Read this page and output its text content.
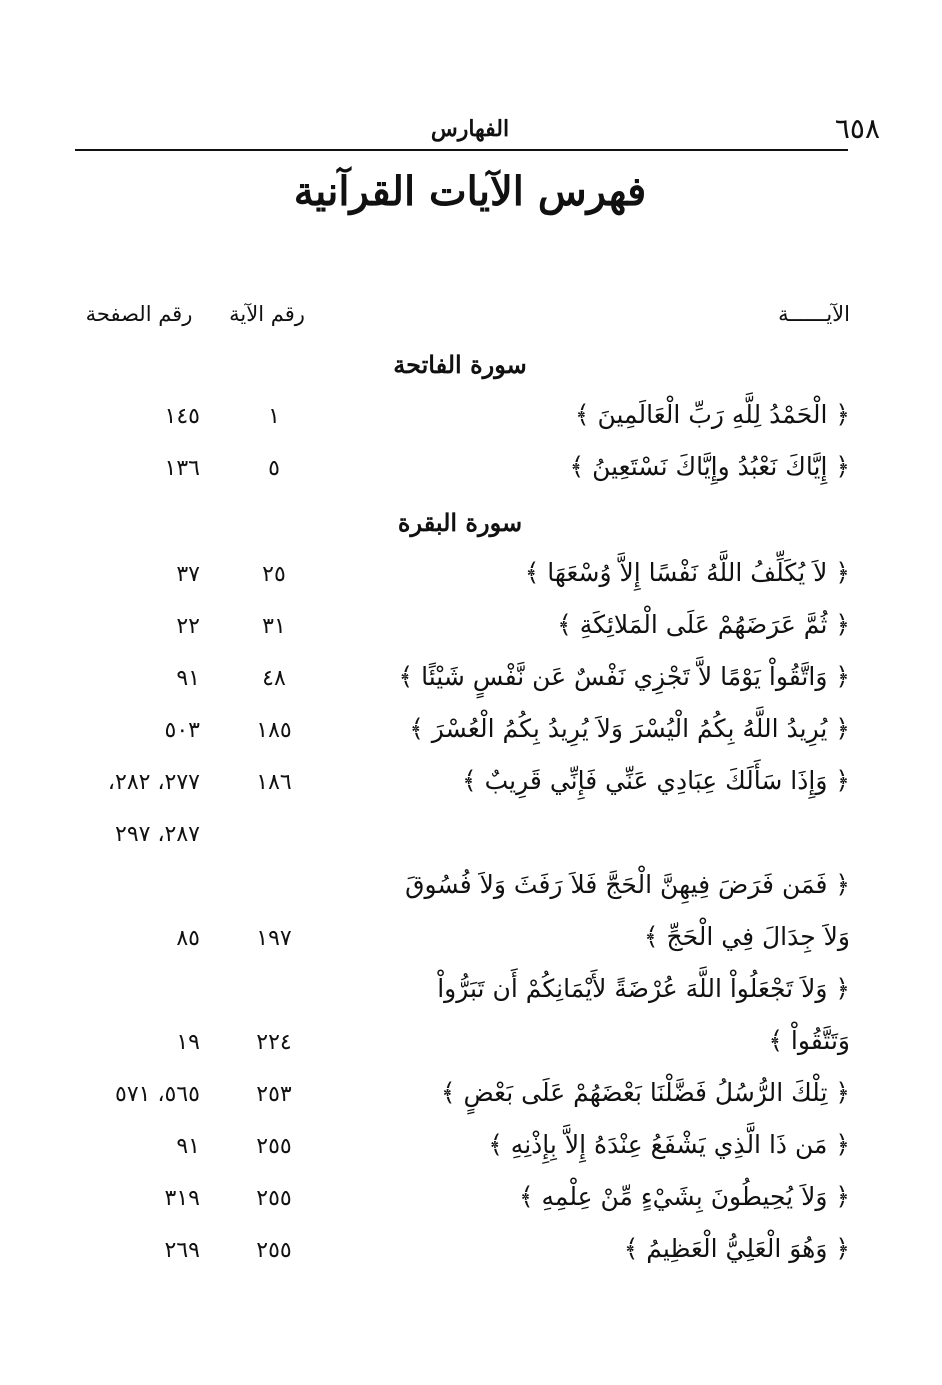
٦٥٨
الفهارس
فهرس الآيات القرآنية
الآيــــــة
رقم الآية
رقم الصفحة
سورة الفاتحة
﴿ الْحَمْدُ لِلَّهِ رَبِّ الْعَالَمِينَ ﴾
١
١٤٥
﴿ إِيَّاكَ نَعْبُدُ وإِيَّاكَ نَسْتَعِينُ ﴾
٥
١٣٦
سورة البقرة
﴿ لاَ يُكَلِّفُ اللَّهُ نَفْسًا إِلاَّ وُسْعَهَا ﴾
٢٥
٣٧
﴿ ثُمَّ عَرَضَهُمْ عَلَى الْمَلائِكَةِ ﴾
٣١
٢٢
﴿ وَاتَّقُواْ يَوْمًا لاَّ تَجْزِي نَفْسٌ عَن نَّفْسٍ شَيْئًا ﴾
٤٨
٩١
﴿ يُرِيدُ اللَّهُ بِكُمُ الْيُسْرَ وَلاَ يُرِيدُ بِكُمُ الْعُسْرَ ﴾
١٨٥
٥٠٣
﴿ وَإِذَا سَأَلَكَ عِبَادِي عَنِّي فَإِنِّي قَرِيبٌ ﴾
١٨٦
٢٧٧، ٢٨٢،
٢٨٧، ٢٩٧
﴿ فَمَن فَرَضَ فِيهِنَّ الْحَجَّ فَلاَ رَفَثَ وَلاَ فُسُوقَ
وَلاَ جِدَالَ فِي الْحَجِّ ﴾
١٩٧
٨٥
﴿ وَلاَ تَجْعَلُواْ اللَّهَ عُرْضَةً لأَيْمَانِكُمْ أَن تَبَرُّواْ
وَتَتَّقُواْ ﴾
٢٢٤
١٩
﴿ تِلْكَ الرُّسُلُ فَضَّلْنَا بَعْضَهُمْ عَلَى بَعْضٍ ﴾
٢٥٣
٥٦٥، ٥٧١
﴿ مَن ذَا الَّذِي يَشْفَعُ عِنْدَهُ إِلاَّ بِإِذْنِهِ ﴾
٢٥٥
٩١
﴿ وَلاَ يُحِيطُونَ بِشَيْءٍ مِّنْ عِلْمِهِ ﴾
٢٥٥
٣١٩
﴿ وَهُوَ الْعَلِيُّ الْعَظِيمُ ﴾
٢٥٥
٢٦٩
